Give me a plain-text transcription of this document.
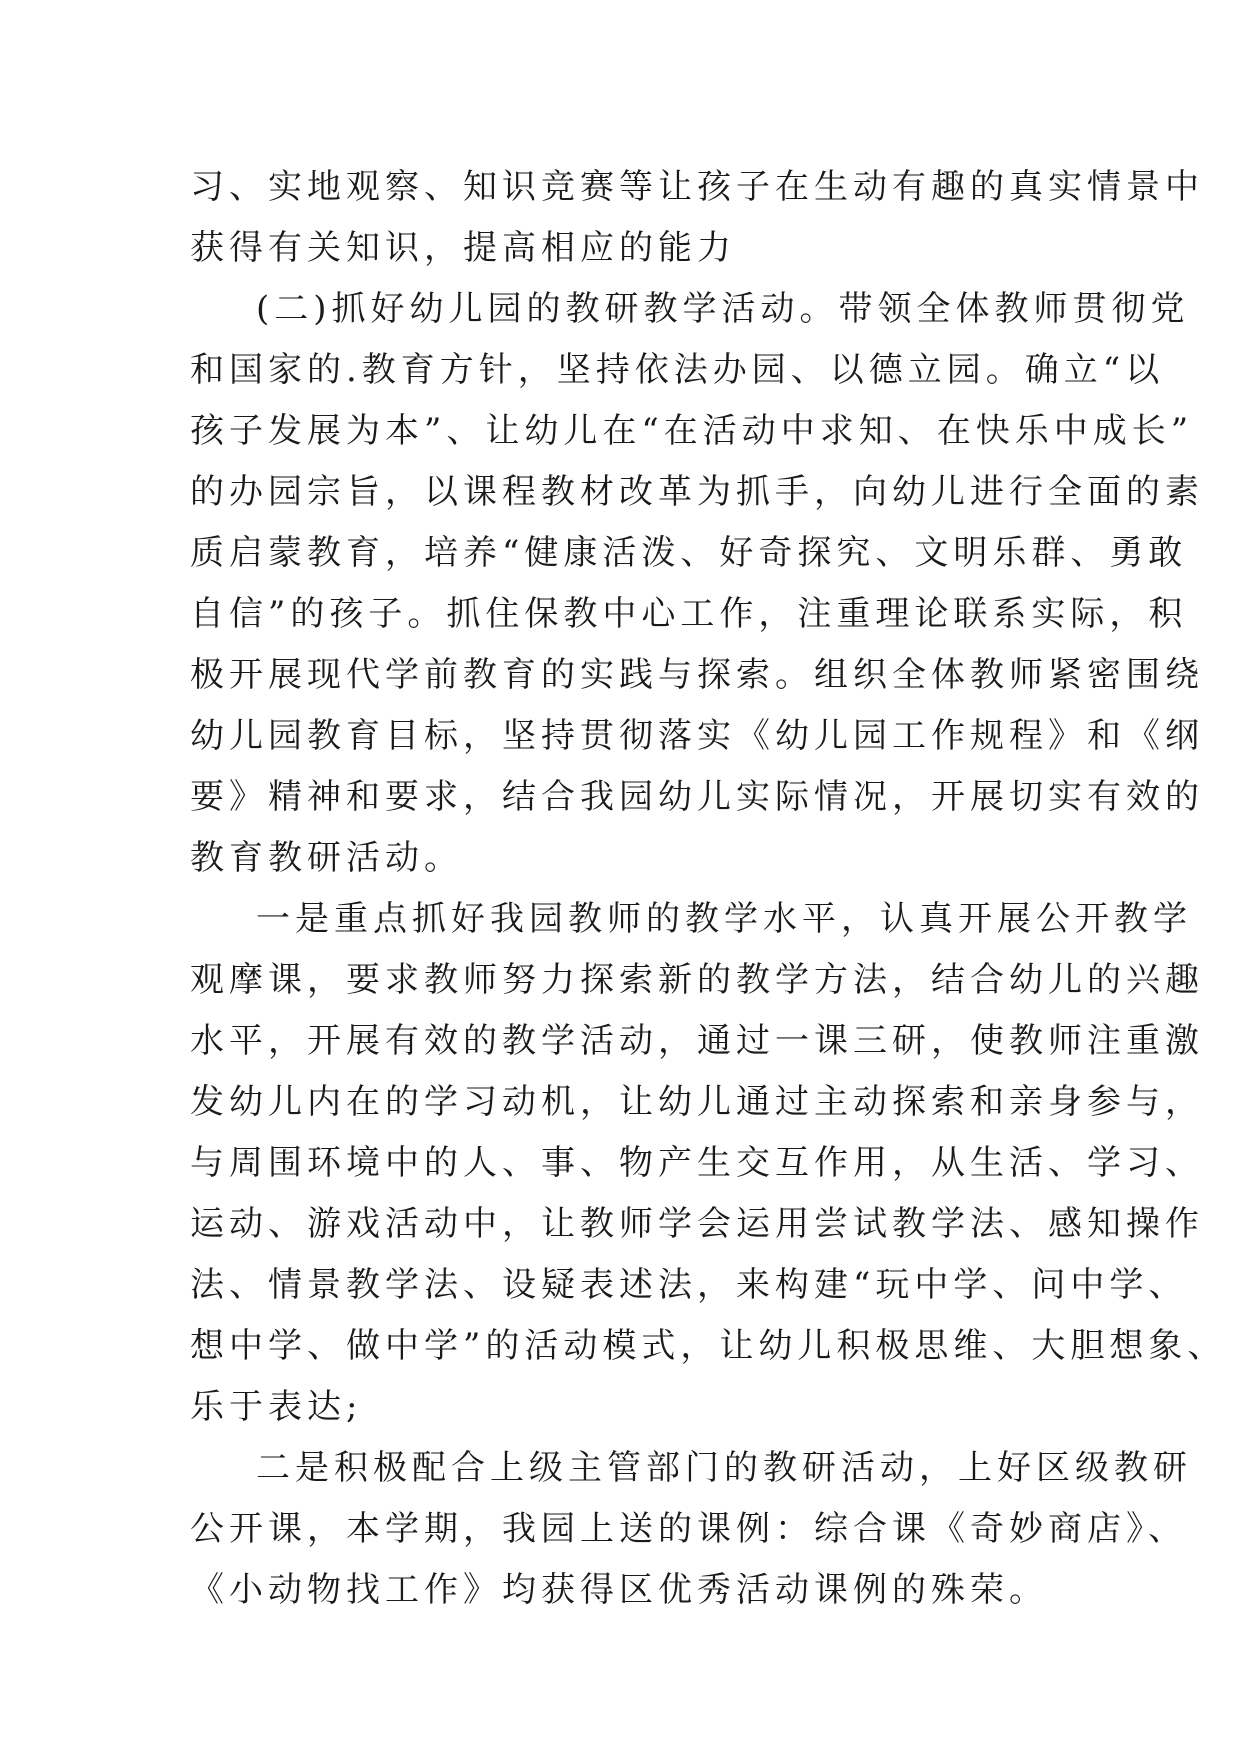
习、实地观察、知识竞赛等让孩子在生动有趣的真实情景中
获得有关知识，提高相应的能力
(二)抓好幼儿园的教研教学活动。带领全体教师贯彻党
和国家的.教育方针，坚持依法办园、以德立园。确立“以
孩子发展为本”、让幼儿在“在活动中求知、在快乐中成长”
的办园宗旨，以课程教材改革为抓手，向幼儿进行全面的素
质启蒙教育，培养“健康活泼、好奇探究、文明乐群、勇敢
自信”的孩子。抓住保教中心工作，注重理论联系实际，积
极开展现代学前教育的实践与探索。组织全体教师紧密围绕
幼儿园教育目标，坚持贯彻落实《幼儿园工作规程》和《纲
要》精神和要求，结合我园幼儿实际情况，开展切实有效的
教育教研活动。
一是重点抓好我园教师的教学水平，认真开展公开教学
观摩课，要求教师努力探索新的教学方法，结合幼儿的兴趣
水平，开展有效的教学活动，通过一课三研，使教师注重激
发幼儿内在的学习动机，让幼儿通过主动探索和亲身参与，
与周围环境中的人、事、物产生交互作用，从生活、学习、
运动、游戏活动中，让教师学会运用尝试教学法、感知操作
法、情景教学法、设疑表述法，来构建“玩中学、问中学、
想中学、做中学”的活动模式，让幼儿积极思维、大胆想象、
乐于表达;
二是积极配合上级主管部门的教研活动，上好区级教研
公开课，本学期，我园上送的课例：综合课《奇妙商店》、
《小动物找工作》均获得区优秀活动课例的殊荣。
